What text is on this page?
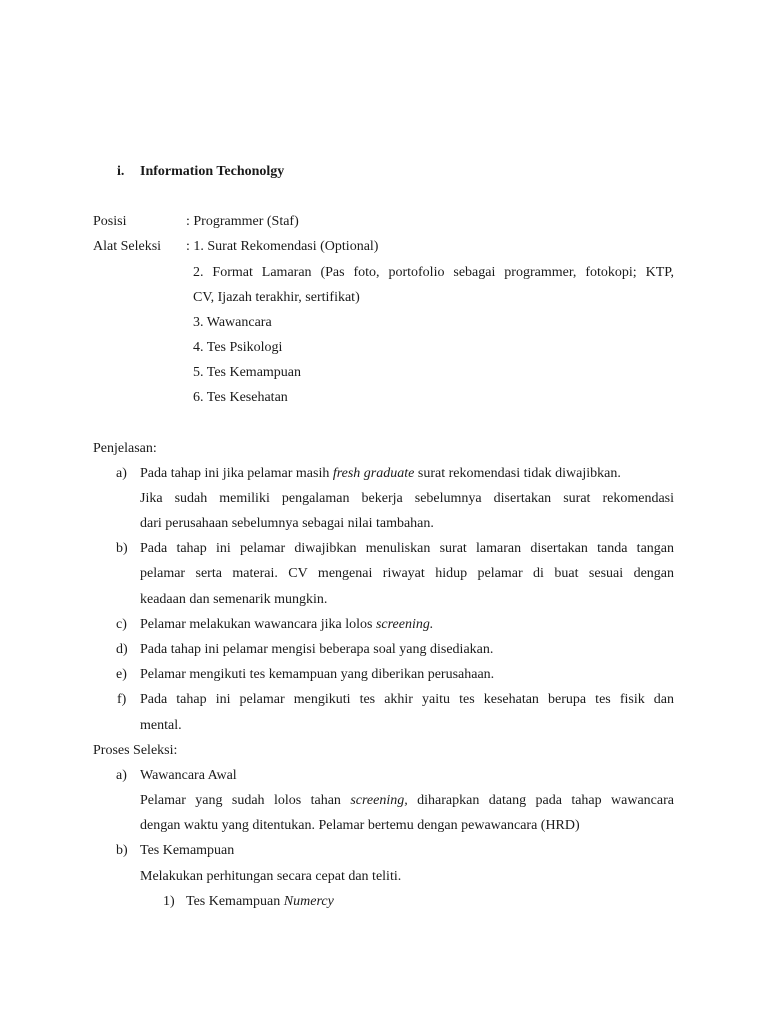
i. Information Techonolgy
Posisi	: Programmer (Staf)
Alat Seleksi : 1. Surat Rekomendasi (Optional)
2. Format Lamaran (Pas foto, portofolio sebagai programmer, fotokopi; KTP,
CV, Ijazah terakhir, sertifikat)
3. Wawancara
4. Tes Psikologi
5. Tes Kemampuan
6. Tes Kesehatan
Penjelasan:
a) Pada tahap ini jika pelamar masih fresh graduate surat rekomendasi tidak diwajibkan.
Jika sudah memiliki pengalaman bekerja sebelumnya disertakan surat rekomendasi
dari perusahaan sebelumnya sebagai nilai tambahan.
b) Pada tahap ini pelamar diwajibkan menuliskan surat lamaran disertakan tanda tangan
pelamar serta materai. CV mengenai riwayat hidup pelamar di buat sesuai dengan
keadaan dan semenarik mungkin.
c) Pelamar melakukan wawancara jika lolos screening.
d) Pada tahap ini pelamar mengisi beberapa soal yang disediakan.
e) Pelamar mengikuti tes kemampuan yang diberikan perusahaan.
f) Pada tahap ini pelamar mengikuti tes akhir yaitu tes kesehatan berupa tes fisik dan
mental.
Proses Seleksi:
a) Wawancara Awal
Pelamar yang sudah lolos tahan screening, diharapkan datang pada tahap wawancara
dengan waktu yang ditentukan. Pelamar bertemu dengan pewawancara (HRD)
b) Tes Kemampuan
Melakukan perhitungan secara cepat dan teliti.
1) Tes Kemampuan Numercy
